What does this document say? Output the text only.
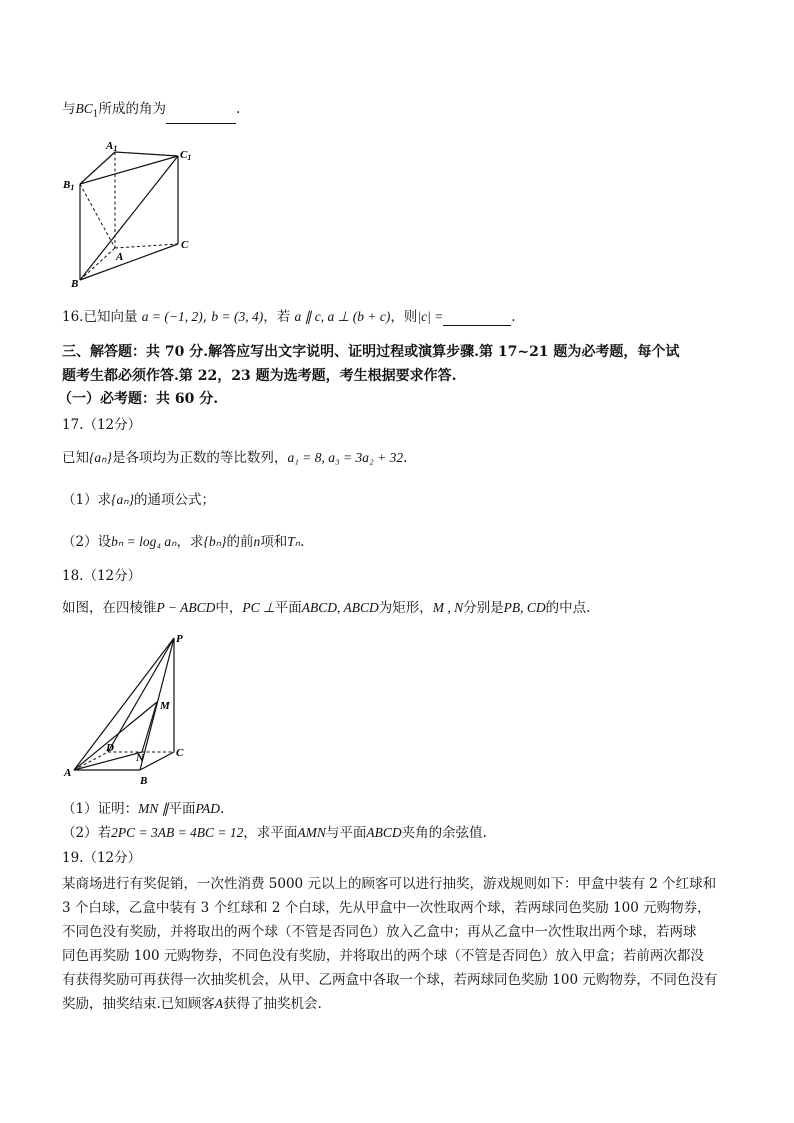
与$BC_1$所成的角为	.
A1
B1
C1
A
B
C
16.已知向量 a = (−1, 2), b = (3, 4)，若 a ∥ c, a ⊥ (b + c)，则|c| =	.
三、解答题：共 70 分.解答应写出文字说明、证明过程或演算步骤.第 17~21 题为必考题，每个试
题考生都必须作答.第 22，23 题为选考题，考生根据要求作答.
（一）必考题：共 60 分.
17.（12分）
已知{aₙ}是各项均为正数的等比数列，a₁ = 8, a₃ = 3a₂ + 32.
（1）求{aₙ}的通项公式；
（2）设bₙ = log₄ aₙ，求{bₙ}的前n项和Tₙ.
18.（12分）
如图，在四棱锥P − ABCD中，PC ⊥平面ABCD, ABCD为矩形，M , N分别是PB, CD的中点.
P
M
D
N
A
B
C
（1）证明：MN ∥平面PAD.
（2）若2PC = 3AB = 4BC = 12，求平面AMN与平面ABCD夹角的余弦值.
19.（12分）
某商场进行有奖促销，一次性消费 5000 元以上的顾客可以进行抽奖，游戏规则如下：甲盒中装有 2 个红球和
3 个白球，乙盒中装有 3 个红球和 2 个白球，先从甲盒中一次性取两个球，若两球同色奖励 100 元购物券，
不同色没有奖励，并将取出的两个球（不管是否同色）放入乙盒中；再从乙盒中一次性取出两个球，若两球
同色再奖励 100 元购物券，不同色没有奖励，并将取出的两个球（不管是否同色）放入甲盒；若前两次都没
有获得奖励可再获得一次抽奖机会，从甲、乙两盒中各取一个球，若两球同色奖励 100 元购物券，不同色没有
奖励，抽奖结束.已知顾客A获得了抽奖机会.
